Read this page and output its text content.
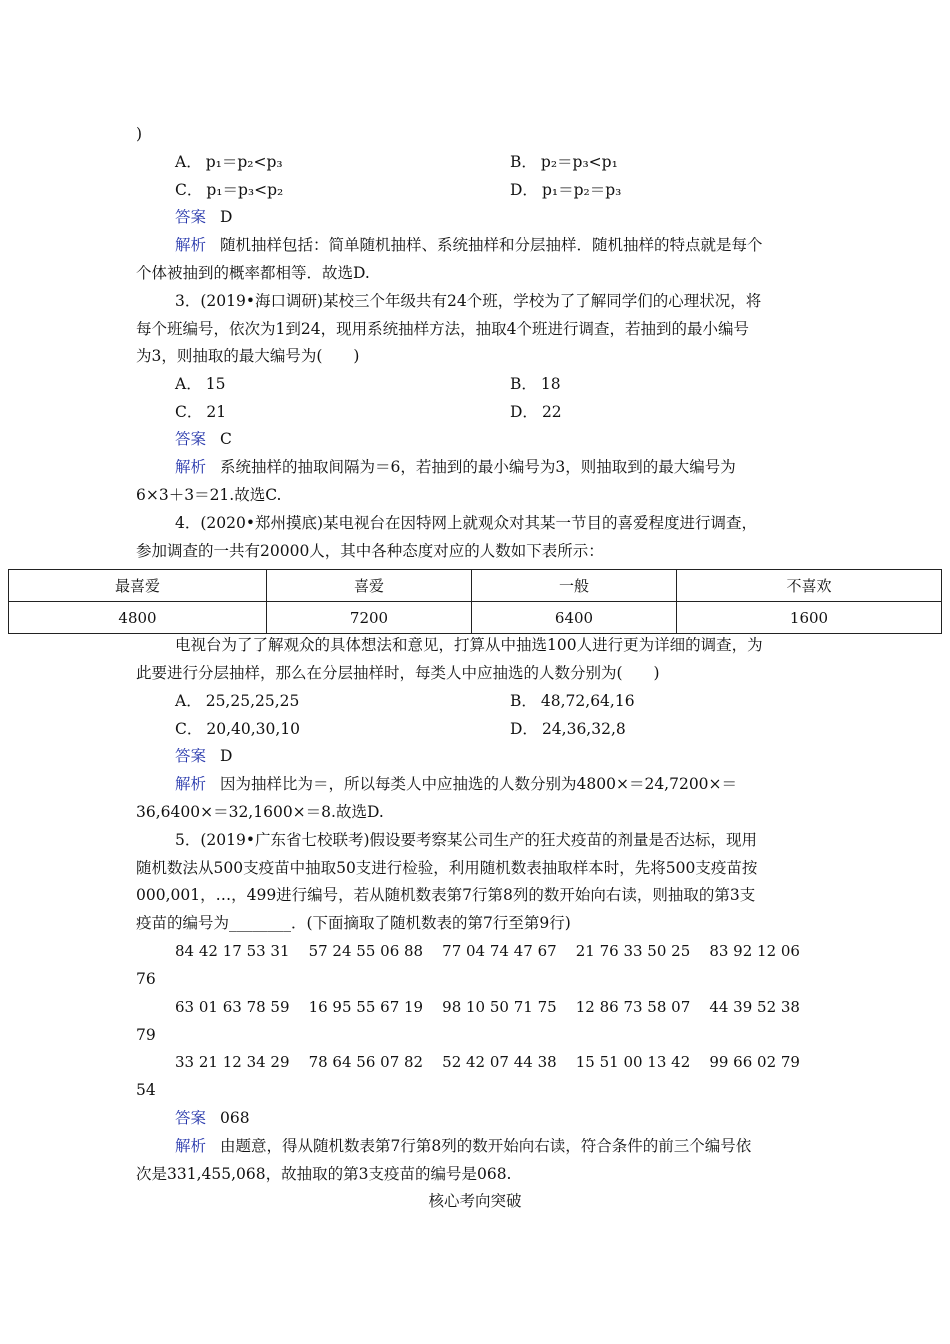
)
A． p₁＝p₂<p₃	B． p₂＝p₃<p₁
C． p₁＝p₃<p₂	D． p₁＝p₂＝p₃
答案 D
解析 随机抽样包括：简单随机抽样、系统抽样和分层抽样．随机抽样的特点就是每个
个体被抽到的概率都相等．故选D.
3．(2019•海口调研)某校三个年级共有24个班，学校为了了解同学们的心理状况，将
每个班编号，依次为1到24，现用系统抽样方法，抽取4个班进行调查，若抽到的最小编号
为3，则抽取的最大编号为(　　)
A． 15	B． 18
C． 21	D． 22
答案 C
解析 系统抽样的抽取间隔为＝6，若抽到的最小编号为3，则抽取到的最大编号为
6×3＋3＝21.故选C.
4．(2020•郑州摸底)某电视台在因特网上就观众对其某一节目的喜爱程度进行调查，
参加调查的一共有20000人，其中各种态度对应的人数如下表所示：
最喜爱	喜爱	一般	不喜欢
4800	7200	6400	1600
电视台为了了解观众的具体想法和意见，打算从中抽选100人进行更为详细的调查，为
此要进行分层抽样，那么在分层抽样时，每类人中应抽选的人数分别为(　　)
A． 25,25,25,25	B． 48,72,64,16
C． 20,40,30,10	D． 24,36,32,8
答案 D
解析 因为抽样比为＝，所以每类人中应抽选的人数分别为4800×＝24,7200×＝
36,6400×＝32,1600×＝8.故选D.
5．(2019•广东省七校联考)假设要考察某公司生产的狂犬疫苗的剂量是否达标，现用
随机数法从500支疫苗中抽取50支进行检验，利用随机数表抽取样本时，先将500支疫苗按
000,001，…，499进行编号，若从随机数表第7行第8列的数开始向右读，则抽取的第3支
疫苗的编号为________．(下面摘取了随机数表的第7行至第9行)
84 42 17 53 31    57 24 55 06 88    77 04 74 47 67    21 76 33 50 25    83 92 12 06
76
63 01 63 78 59    16 95 55 67 19    98 10 50 71 75    12 86 73 58 07    44 39 52 38
79
33 21 12 34 29    78 64 56 07 82    52 42 07 44 38    15 51 00 13 42    99 66 02 79
54
答案 068
解析 由题意，得从随机数表第7行第8列的数开始向右读，符合条件的前三个编号依
次是331,455,068，故抽取的第3支疫苗的编号是068.
核心考向突破
